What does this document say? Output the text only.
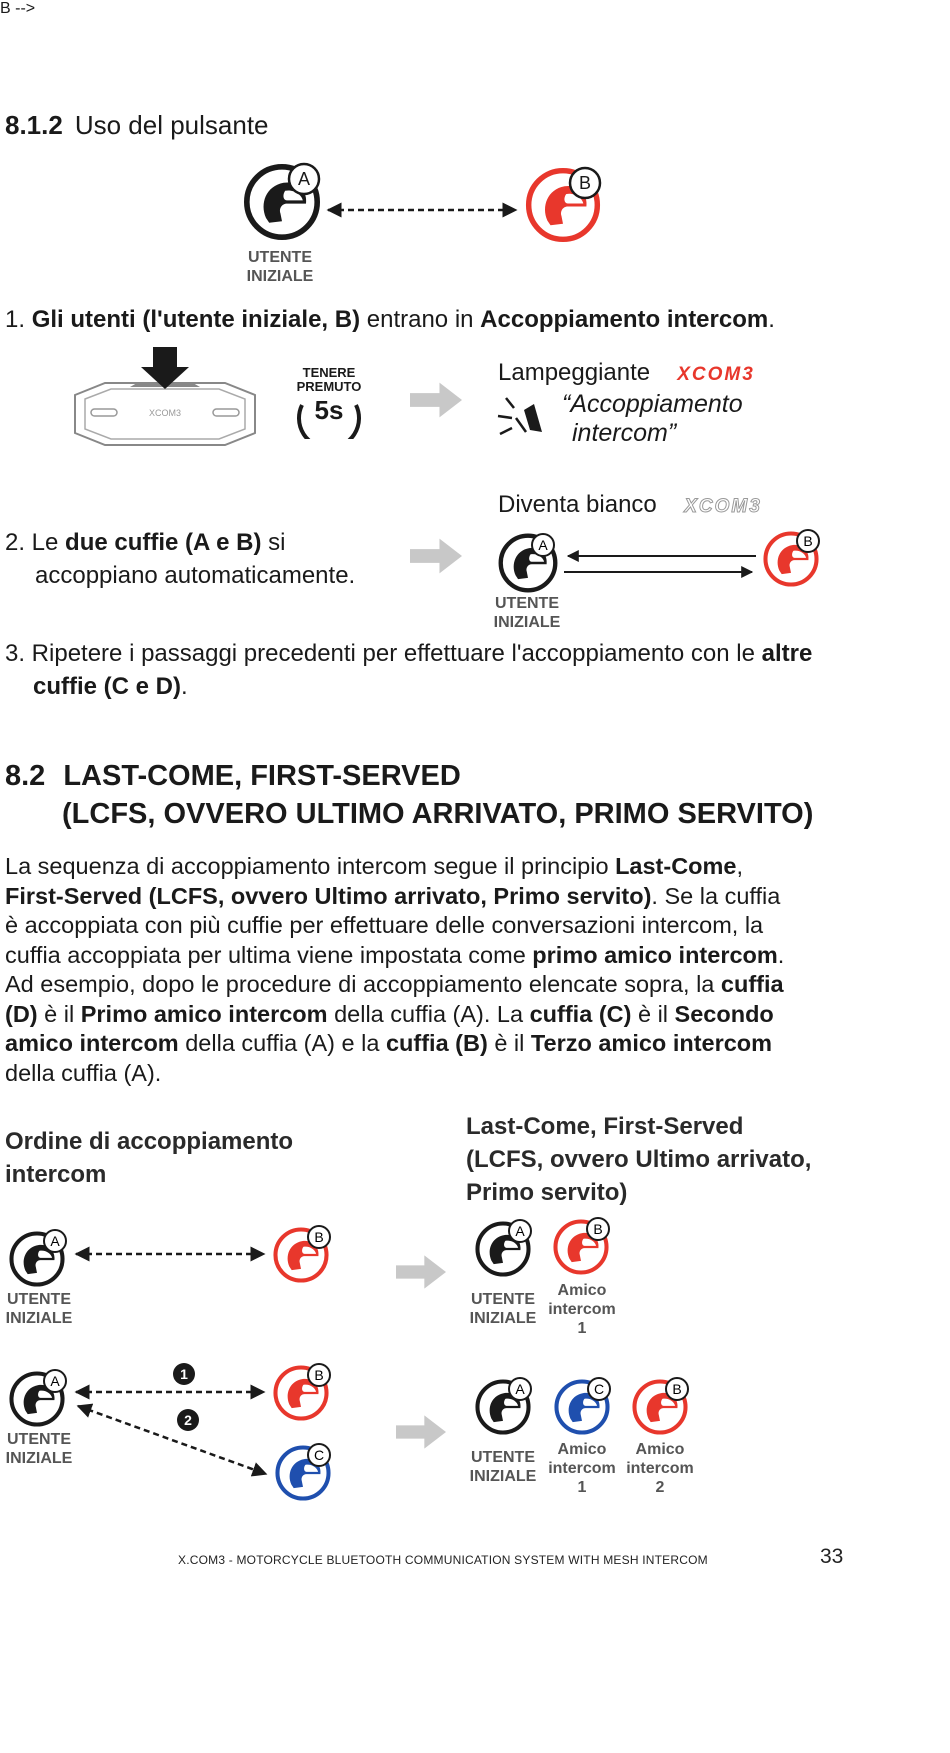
8.1.2 Uso del pulsante
B -->
A
UTENTE
INIZIALE
B
1. Gli utenti (l'utente iniziale, B) entrano in Accoppiamento intercom.
XCOM3
TENERE
PREMUTO
5s
Lampeggiante XCOM3
“Accoppiamento
intercom”
Diventa bianco XCOM3
2. Le due cuffie (A e B) si
accoppiano automaticamente.
A
UTENTE
INIZIALE
B
3. Ripetere i passaggi precedenti per effettuare l'accoppiamento con le altre
cuffie (C e D).
8.2 LAST-COME, FIRST-SERVED
(LCFS, OVVERO ULTIMO ARRIVATO, PRIMO SERVITO)
La sequenza di accoppiamento intercom segue il principio Last-Come,
First-Served (LCFS, ovvero Ultimo arrivato, Primo servito). Se la cuffia
è accoppiata con più cuffie per effettuare delle conversazioni intercom, la
cuffia accoppiata per ultima viene impostata come primo amico intercom.
Ad esempio, dopo le procedure di accoppiamento elencate sopra, la cuffia
(D) è il Primo amico intercom della cuffia (A). La cuffia (C) è il Secondo
amico intercom della cuffia (A) e la cuffia (B) è il Terzo amico intercom
della cuffia (A).
Ordine di accoppiamento
intercom
Last-Come, First-Served
(LCFS, ovvero Ultimo arrivato,
Primo servito)
A
UTENTE
INIZIALE
B	A
UTENTE
INIZIALE
B
Amico
intercom
1
A
UTENTE
INIZIALE
1
2
B
C
A
UTENTE
INIZIALE
C
Amico
intercom
1
B
Amico
intercom
2
X.COM3 - MOTORCYCLE BLUETOOTH COMMUNICATION SYSTEM WITH MESH INTERCOM	33
